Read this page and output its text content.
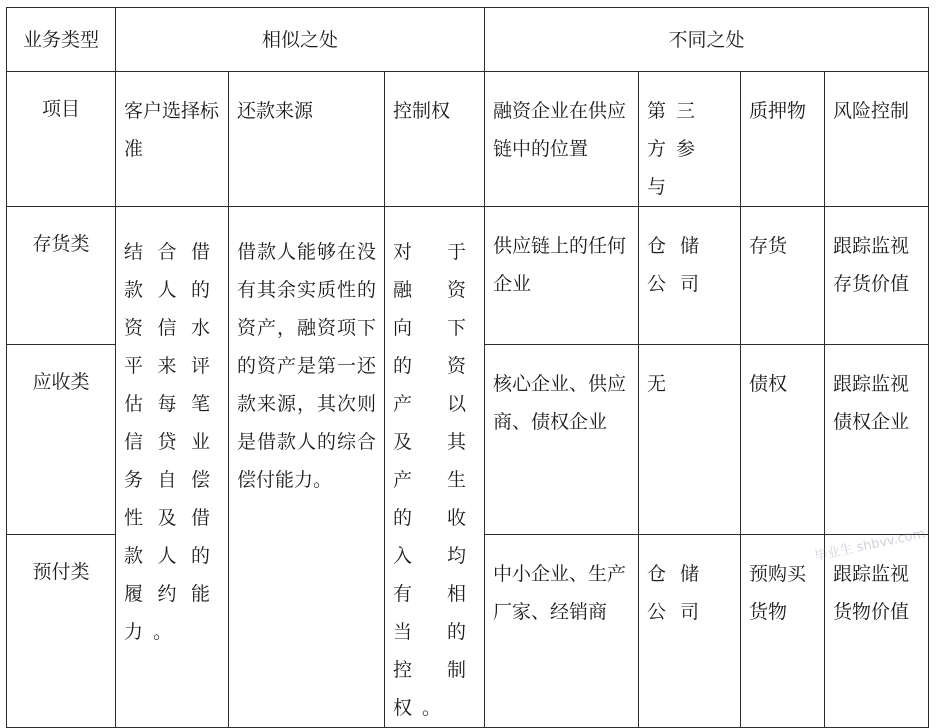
业务类型	相似之处			不同之处			
项目	客户选择标准	还款来源	控制权	融资企业在供应链中的位置	第三方参与	质押物	风险控制
存货类	结合借款人的资信水平来评估每笔信贷业务自偿性及借款人的履约能力。	借款人能够在没有其余实质性的资产，融资项下的资产是第一还款来源，其次则是借款人的综合偿付能力。	对于融资向下的资产以及其产生的收入均有相当的控制权。	供应链上的任何企业	仓储公司	存货	跟踪监视存货价值
应收类				核心企业、供应商、债权企业	无	债权	跟踪监视债权企业
预付类				中小企业、生产厂家、经销商	仓储公司	预购买货物	跟踪监视货物价值
毕业生 shbvv.com
